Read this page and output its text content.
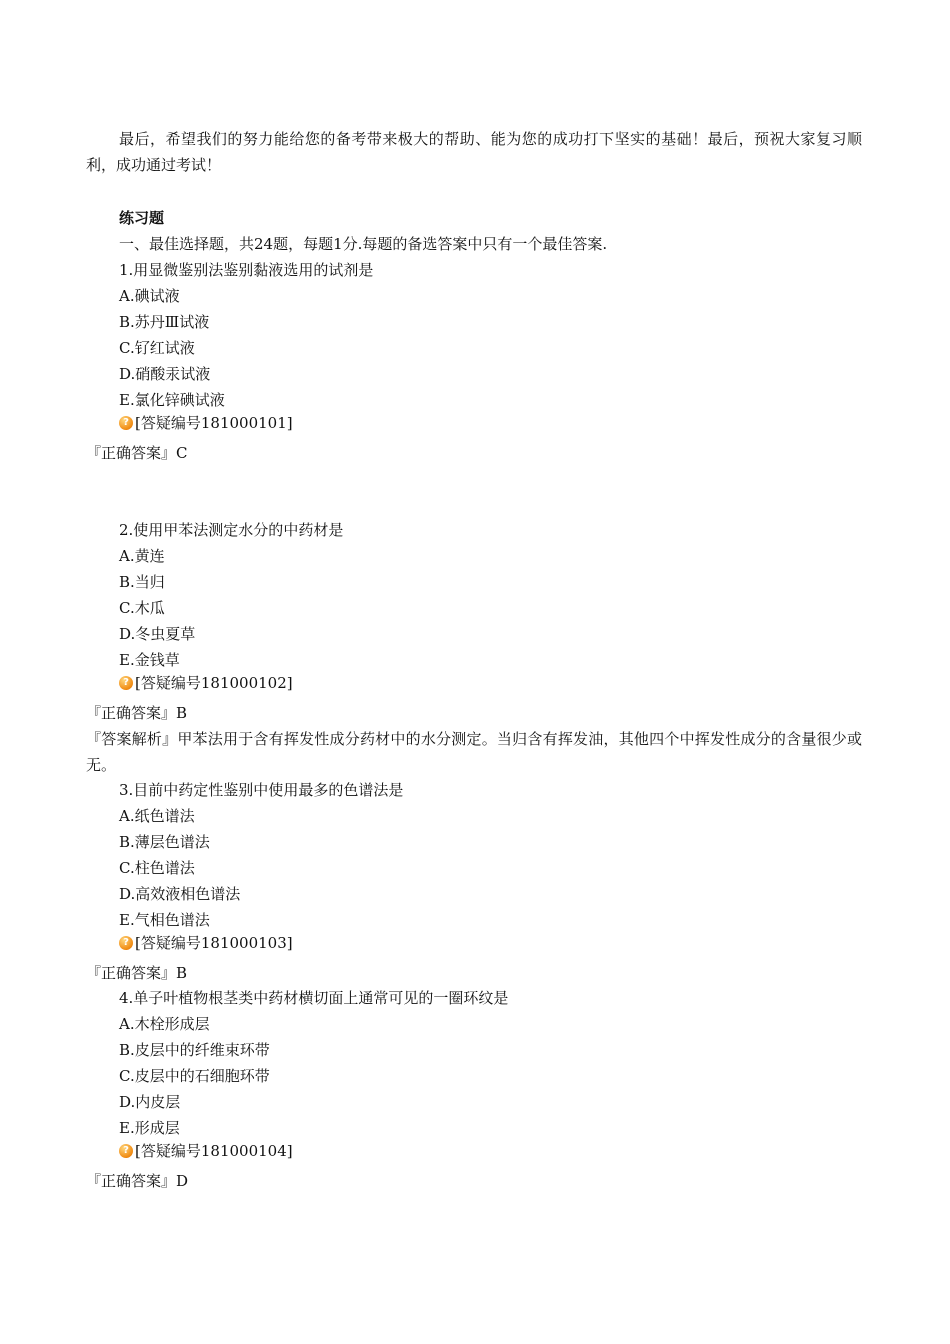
最后，希望我们的努力能给您的备考带来极大的帮助、能为您的成功打下坚实的基础！最后，预祝大家复习顺利，成功通过考试！
练习题
一、最佳选择题，共24题，每题1分.每题的备选答案中只有一个最佳答案.
1.用显微鉴别法鉴别黏液选用的试剂是
A.碘试液
B.苏丹Ⅲ试液
C.钌红试液
D.硝酸汞试液
E.氯化锌碘试液
? [答疑编号181000101]
『正确答案』C
2.使用甲苯法测定水分的中药材是
A.黄连
B.当归
C.木瓜
D.冬虫夏草
E.金钱草
? [答疑编号181000102]
『正确答案』B
『答案解析』甲苯法用于含有挥发性成分药材中的水分测定。当归含有挥发油，其他四个中挥发性成分的含量很少或无。
3.目前中药定性鉴别中使用最多的色谱法是
A.纸色谱法
B.薄层色谱法
C.柱色谱法
D.高效液相色谱法
E.气相色谱法
? [答疑编号181000103]
『正确答案』B
4.单子叶植物根茎类中药材横切面上通常可见的一圈环纹是
A.木栓形成层
B.皮层中的纤维束环带
C.皮层中的石细胞环带
D.内皮层
E.形成层
? [答疑编号181000104]
『正确答案』D
